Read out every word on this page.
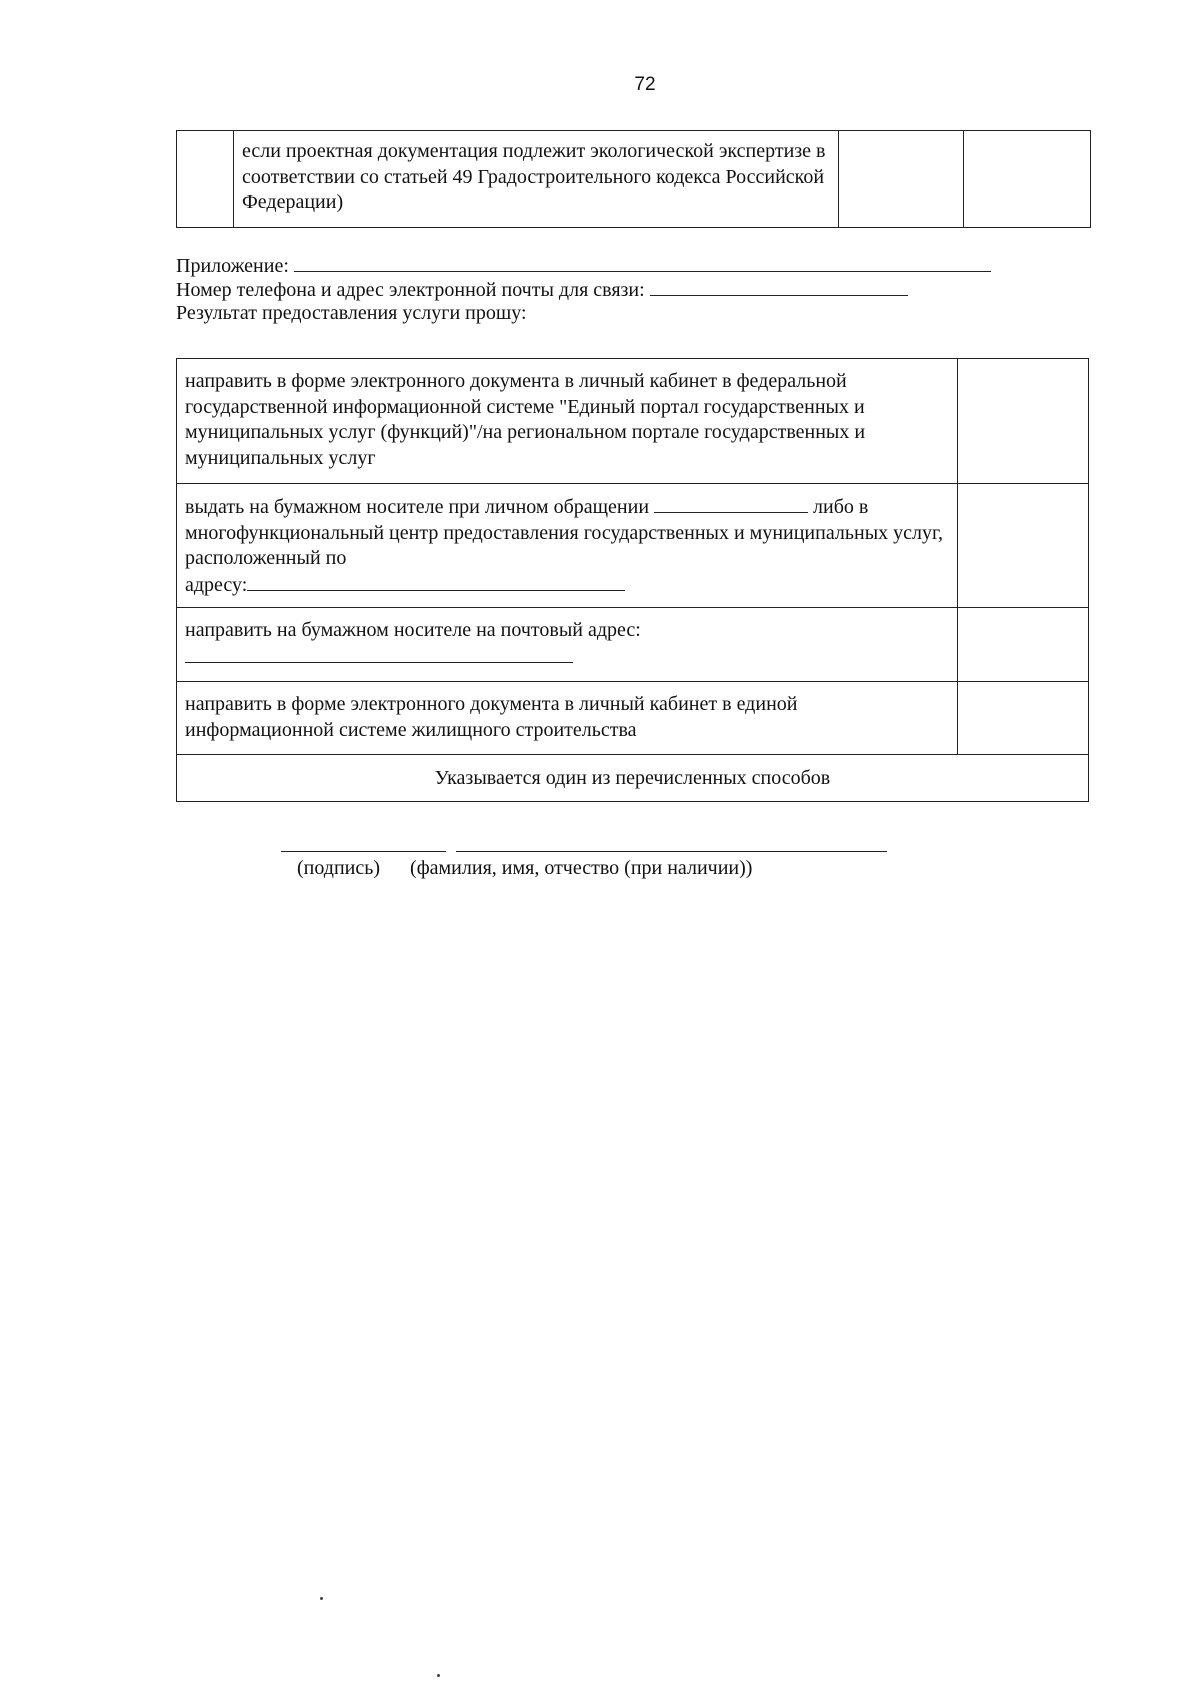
72

если проектная документация подлежит экологической экспертизе в соответствии со статьей 49 Градостроительного кодекса Российской Федерации)

Приложение:
Номер телефона и адрес электронной почты для связи:
Результат предоставления услуги прошу:
направить в форме электронного документа в личный кабинет в федеральной государственной информационной системе "Единый портал государственных и муниципальных услуг (функций)"/на региональном портале государственных и муниципальных услуг	

выдать на бумажном носителе при личном обращении либо в многофункциональный центр предоставления государственных и муниципальных услуг, расположенный по
адресу:	

направить на бумажном носителе на почтовый адрес:	

направить в форме электронного документа в личный кабинет в единой информационной системе жилищного строительства	

Указывается один из перечисленных способов	
(подпись) (фамилия, имя, отчество (при наличии))
